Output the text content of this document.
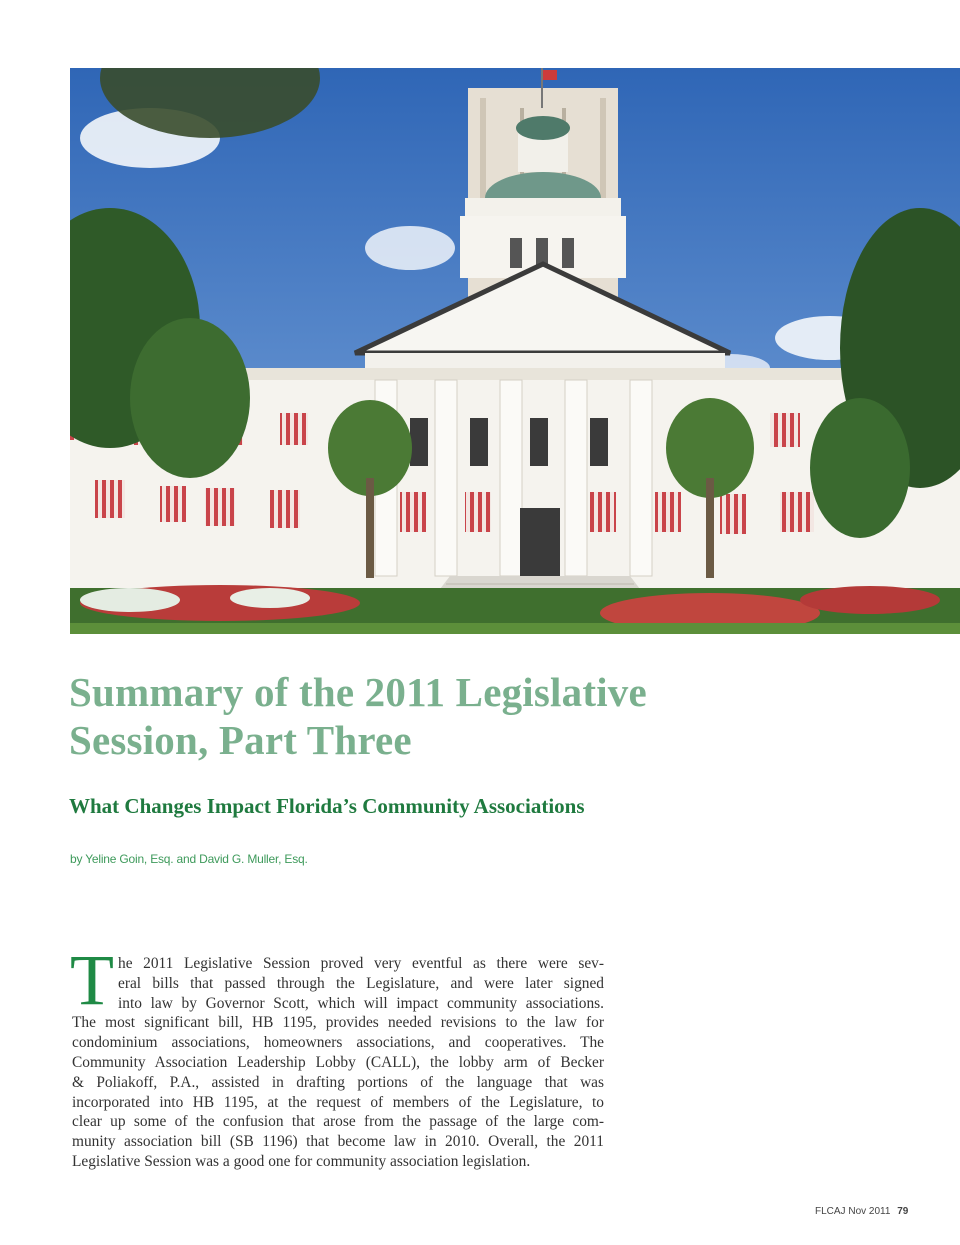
Summary of the 2011 Legislative
Session, Part Three
What Changes Impact Florida’s Community Associations

by Yeline Goin, Esq. and David G. Muller, Esq.

T he 2011 Legislative Session proved very eventful as there were sev-
eral bills that passed through the Legislature, and were later signed
into law by Governor Scott, which will impact community associations.

The most significant bill, HB 1195, provides needed revisions to the law for
condominium associations, homeowners associations, and cooperatives. The
Community Association Leadership Lobby (CALL), the lobby arm of Becker
& Poliakoff, P.A., assisted in drafting portions of the language that was
incorporated into HB 1195, at the request of members of the Legislature, to
clear up some of the confusion that arose from the passage of the large com-
munity association bill (SB 1196) that become law in 2010. Overall, the 2011
Legislative Session was a good one for community association legislation.

FLCAJ Nov 2011 79
